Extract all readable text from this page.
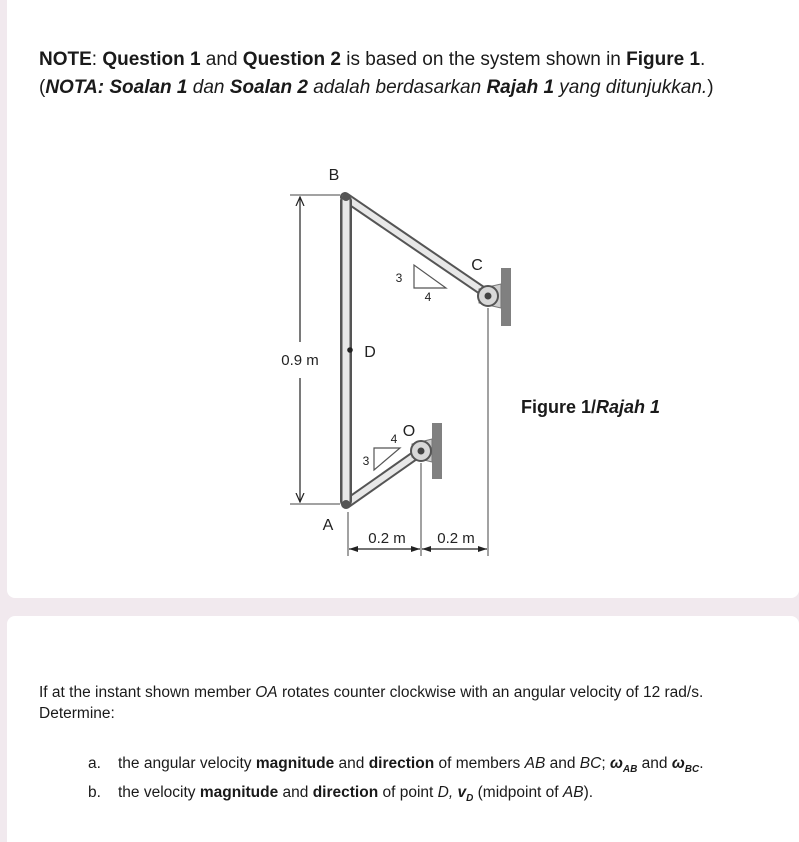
NOTE: Question 1 and Question 2 is based on the system shown in Figure 1.
(NOTA: Soalan 1 dan Soalan 2 adalah berdasarkan Rajah 1 yang ditunjukkan.)
B
C
D
O
A
0.9 m
0.2 m 0.2 m
3
4
3
4
Figure 1/Rajah 1
If at the instant shown member OA rotates counter clockwise with an angular velocity of 12 rad/s. Determine:
a. the angular velocity magnitude and direction of members AB and BC; $\omega_{AB}$ and $\omega_{BC}$.
b. the velocity magnitude and direction of point D, $v_D$ (midpoint of AB).
